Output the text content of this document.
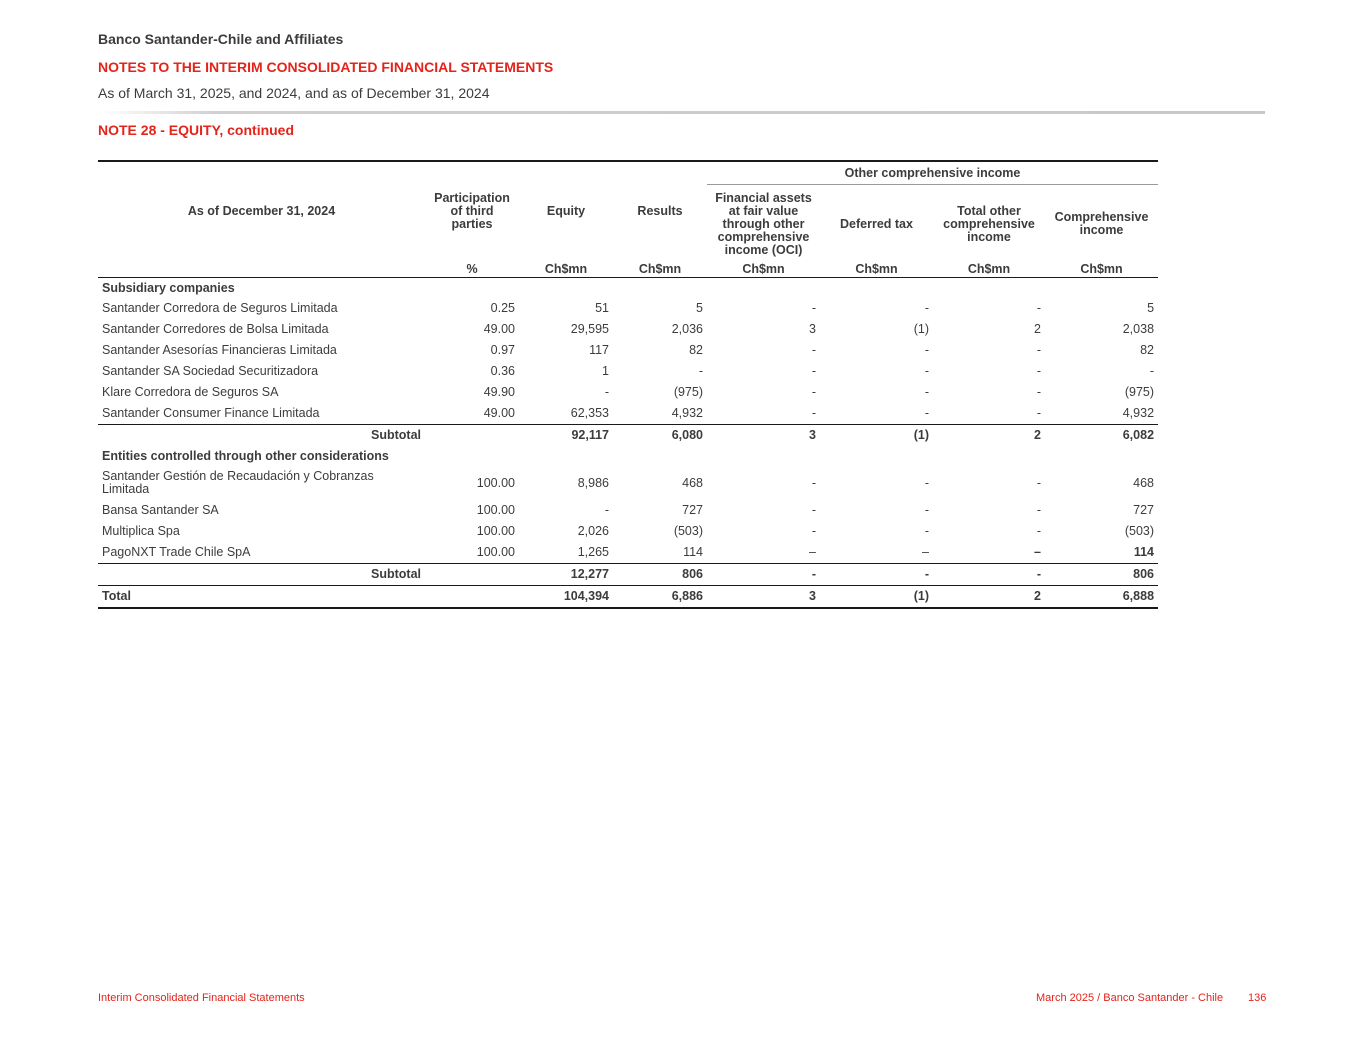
Banco Santander-Chile and Affiliates
NOTES TO THE INTERIM CONSOLIDATED FINANCIAL STATEMENTS
As of March 31, 2025, and 2024, and as of December 31, 2024
NOTE 28 - EQUITY, continued
As of December 31, 2024	Participation of third parties	Equity	Results	Other comprehensive income			
				Financial assets at fair value through other comprehensive income (OCI)	Deferred tax	Total other comprehensive income	Comprehensive income
	%	Ch$mn	Ch$mn	Ch$mn	Ch$mn	Ch$mn	Ch$mn
Subsidiary companies							
Santander Corredora de Seguros Limitada	0.25	51	5	-	-	-	5
Santander Corredores de Bolsa Limitada	49.00	29,595	2,036	3	(1)	2	2,038
Santander Asesorías Financieras Limitada	0.97	117	82	-	-	-	82
Santander SA Sociedad Securitizadora	0.36	1	-	-	-	-	-
Klare Corredora de Seguros SA	49.90	-	(975)	-	-	-	(975)
Santander Consumer Finance Limitada	49.00	62,353	4,932	-	-	-	4,932
Subtotal		92,117	6,080	3	(1)	2	6,082
Entities controlled through other considerations							
Santander Gestión de Recaudación y Cobranzas Limitada	100.00	8,986	468	-	-	-	468
Bansa Santander SA	100.00	-	727	-	-	-	727
Multiplica Spa	100.00	2,026	(503)	-	-	-	(503)
PagoNXT Trade Chile SpA	100.00	1,265	114	–	–	–	114
Subtotal		12,277	806	-	-	-	806
Total		104,394	6,886	3	(1)	2	6,888
Interim Consolidated Financial Statements	March 2025 / Banco Santander - Chile 136
